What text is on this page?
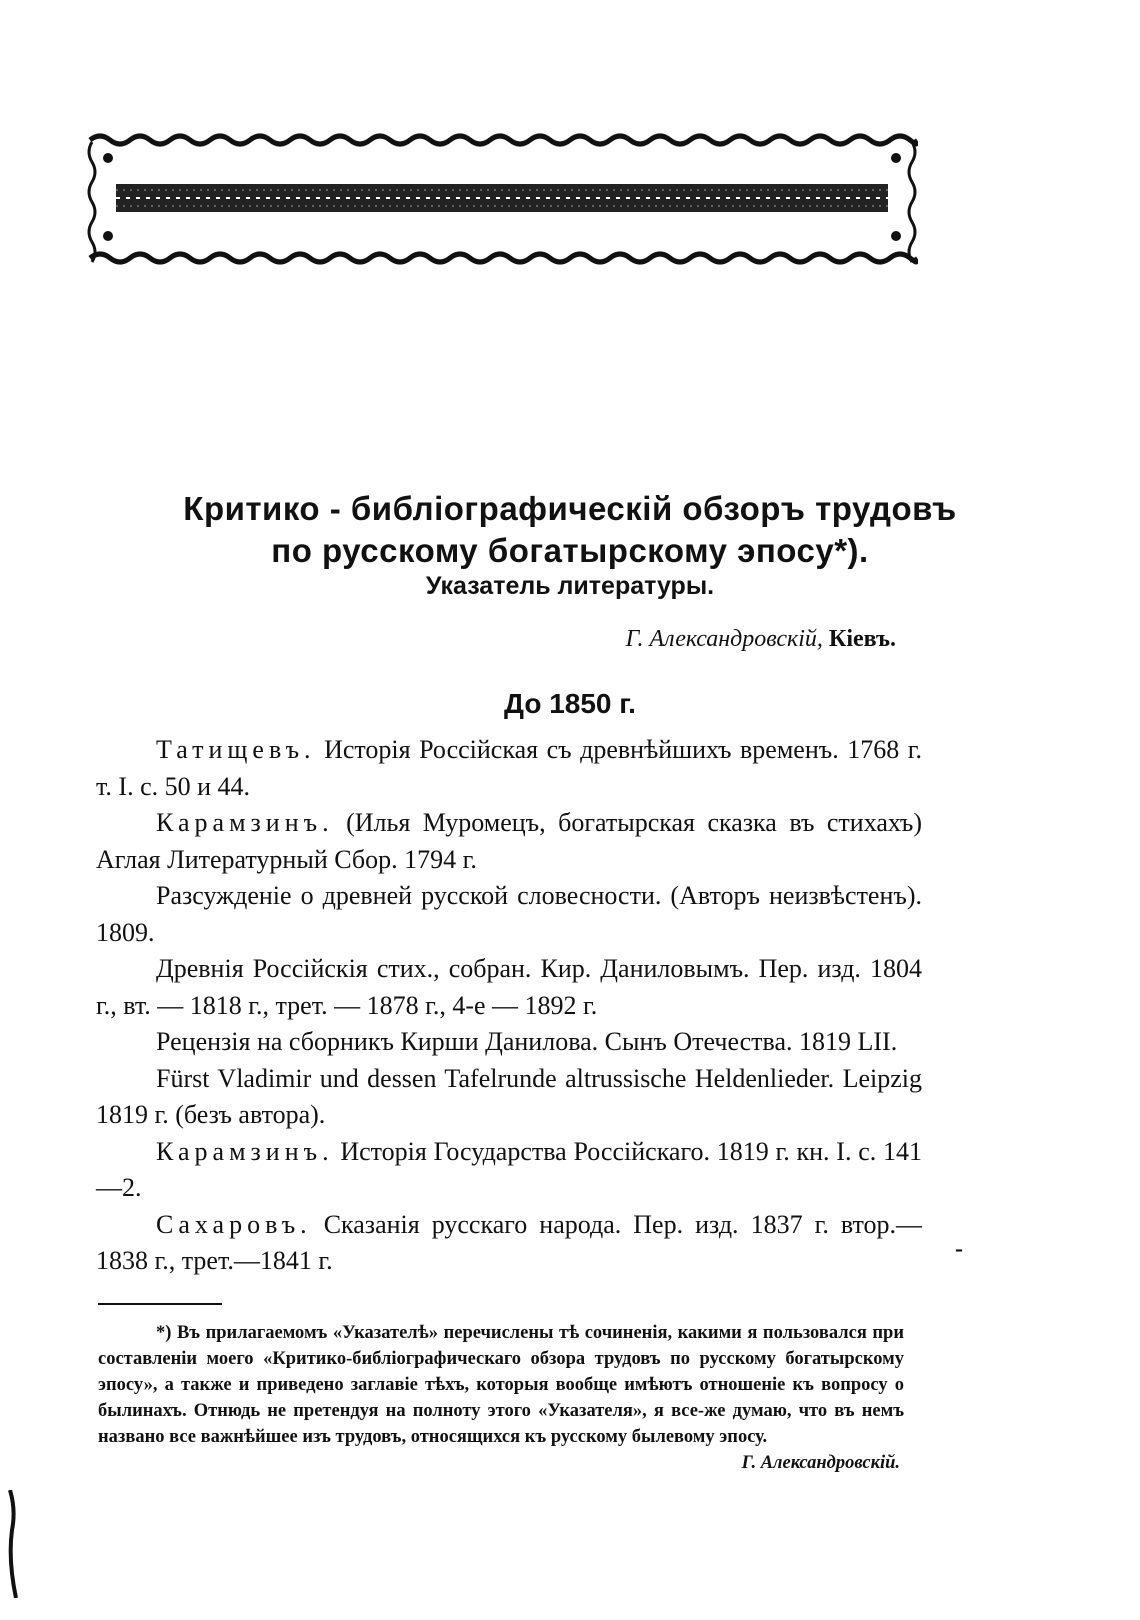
Критико - библіографическій обзоръ трудовъ
по русскому богатырскому эпосу*).
Указатель литературы.
Г. Александровскій, Кіевъ.
До 1850 г.

Татищевъ. Исторія Россійская съ древнѣйшихъ временъ. 1768 г. т. I. с. 50 и 44.

Карамзинъ. (Илья Муромецъ, богатырская сказка въ стихахъ) Аглая Литературный Сбор. 1794 г.

Разсужденіе о древней русской словесности. (Авторъ неизвѣстенъ). 1809.

Древнія Россійскія стих., собран. Кир. Даниловымъ. Пер. изд. 1804 г., вт. — 1818 г., трет. — 1878 г., 4-е — 1892 г.

Рецензія на сборникъ Кирши Данилова. Сынъ Отечества. 1819 LII.

Fürst Vladimir und dessen Tafelrunde altrussische Heldenlieder. Leipzig 1819 г. (безъ автора).

Карамзинъ. Исторія Государства Россійскаго. 1819 г. кн. I. с. 141—2.

Сахаровъ. Сказанія русскаго народа. Пер. изд. 1837 г. втор.— 1838 г., трет.—1841 г.	-
*) Въ прилагаемомъ «Указателѣ» перечислены тѣ сочиненія, какими я пользовался при составленіи моего «Критико-библіографическаго обзора трудовъ по русскому богатырскому эпосу», а также и приведено заглавіе тѣхъ, которыя вообще имѣютъ отношеніе къ вопросу о былинахъ. Отнюдь не претендуя на полноту этого «Указателя», я все-же думаю, что въ немъ названо все важнѣйшее изъ трудовъ, относящихся къ русскому былевому эпосу.
Г. Александровскій.
